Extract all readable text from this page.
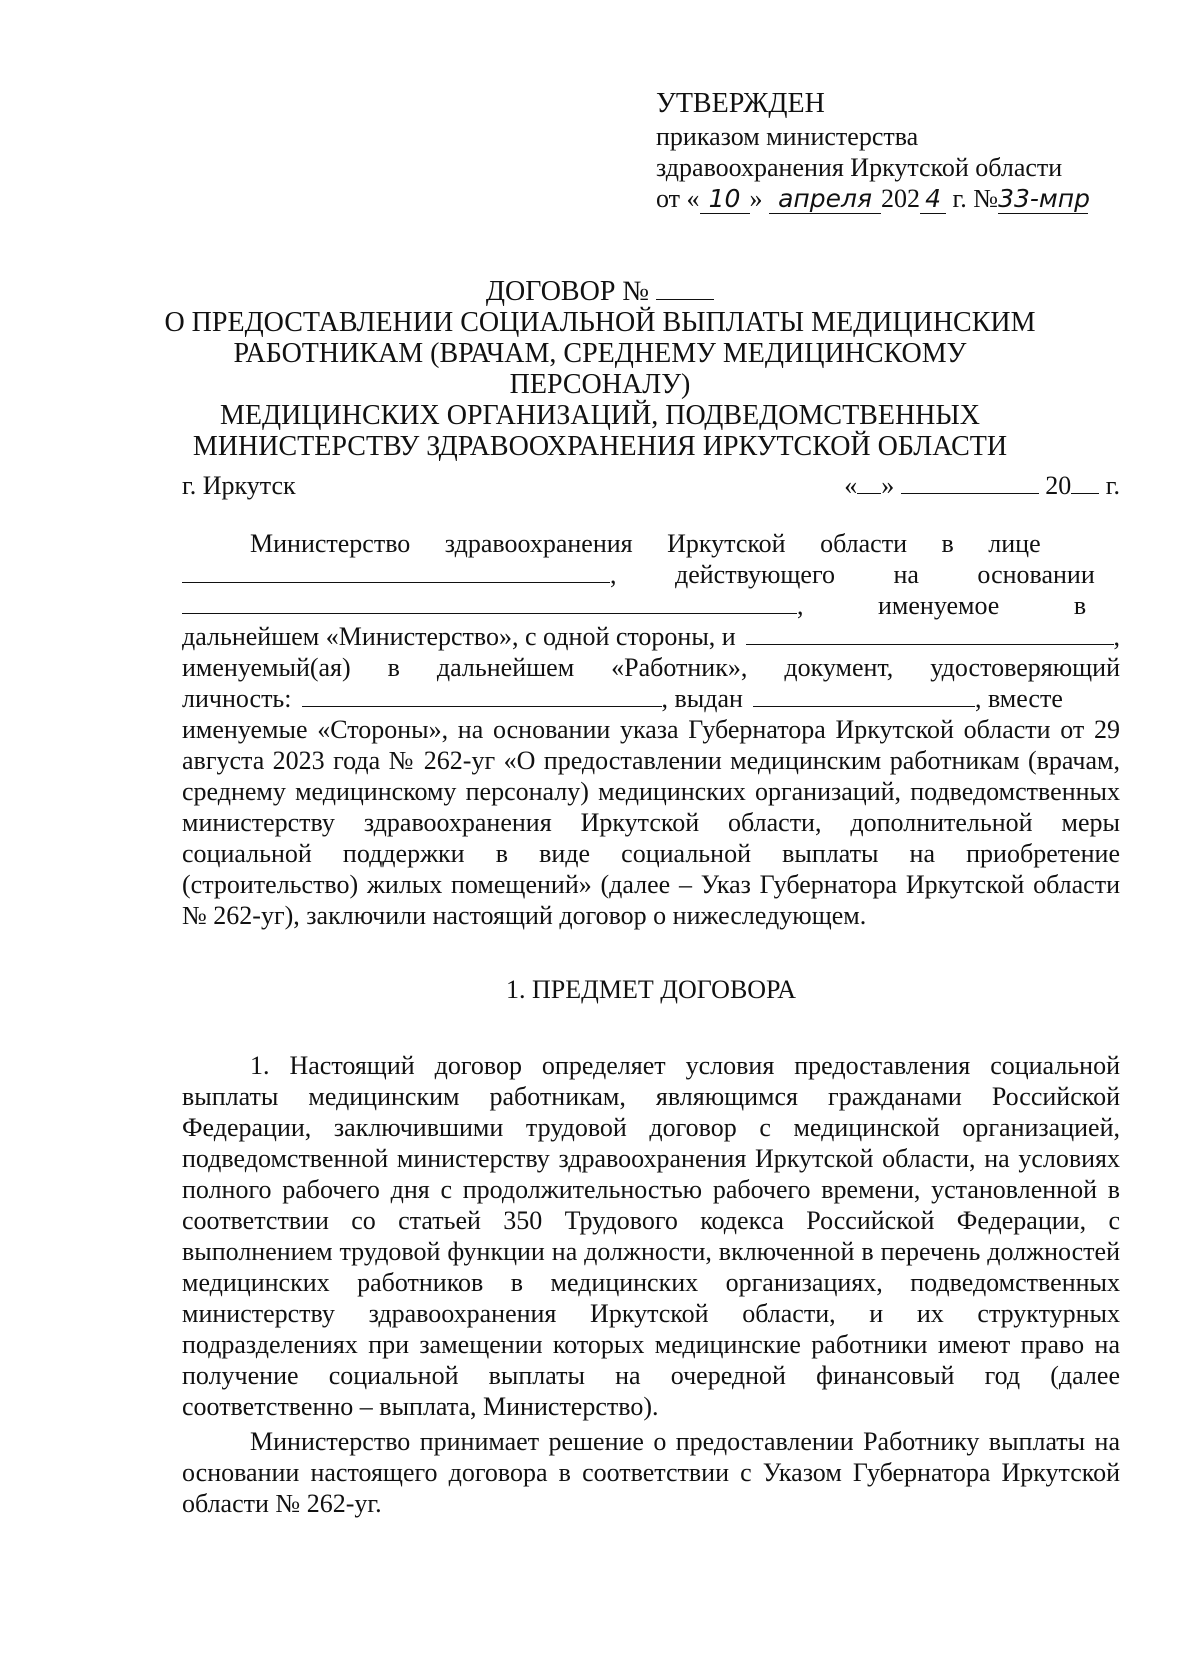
УТВЕРЖДЕН
приказом министерства
здравоохранения Иркутской области
от « 10 » апреля 202 4 г. №33-мпр
ДОГОВОР №
О ПРЕДОСТАВЛЕНИИ СОЦИАЛЬНОЙ ВЫПЛАТЫ МЕДИЦИНСКИМ
РАБОТНИКАМ (ВРАЧАМ, СРЕДНЕМУ МЕДИЦИНСКОМУ ПЕРСОНАЛУ)
МЕДИЦИНСКИХ ОРГАНИЗАЦИЙ, ПОДВЕДОМСТВЕННЫХ
МИНИСТЕРСТВУ ЗДРАВООХРАНЕНИЯ ИРКУТСКОЙ ОБЛАСТИ
г. Иркутск	« »	20 г.

Министерство здравоохранения Иркутской области в лице

, действующего на основании

, именуемое в

дальнейшем «Министерство», с одной стороны, и	,

именуемый(ая) в дальнейшем «Работник», документ, удостоверяющий

личность:	, выдан	, вместе

именуемые «Стороны», на основании указа Губернатора Иркутской области от 29 августа 2023 года № 262-уг «О предоставлении медицинским работникам (врачам, среднему медицинскому персоналу) медицинских организаций, подведомственных министерству здравоохранения Иркутской области, дополнительной меры социальной поддержки в виде социальной выплаты на приобретение (строительство) жилых помещений» (далее – Указ Губернатора Иркутской области № 262-уг), заключили настоящий договор о нижеследующем.

1. ПРЕДМЕТ ДОГОВОРА

1. Настоящий договор определяет условия предоставления социальной выплаты медицинским работникам, являющимся гражданами Российской Федерации, заключившими трудовой договор с медицинской организацией, подведомственной министерству здравоохранения Иркутской области, на условиях полного рабочего дня с продолжительностью рабочего времени, установленной в соответствии со статьей 350 Трудового кодекса Российской Федерации, с выполнением трудовой функции на должности, включенной в перечень должностей медицинских работников в медицинских организациях, подведомственных министерству здравоохранения Иркутской области, и их структурных подразделениях при замещении которых медицинские работники имеют право на получение социальной выплаты на очередной финансовый год (далее соответственно – выплата, Министерство).

Министерство принимает решение о предоставлении Работнику выплаты на основании настоящего договора в соответствии с Указом Губернатора Иркутской области № 262-уг.
